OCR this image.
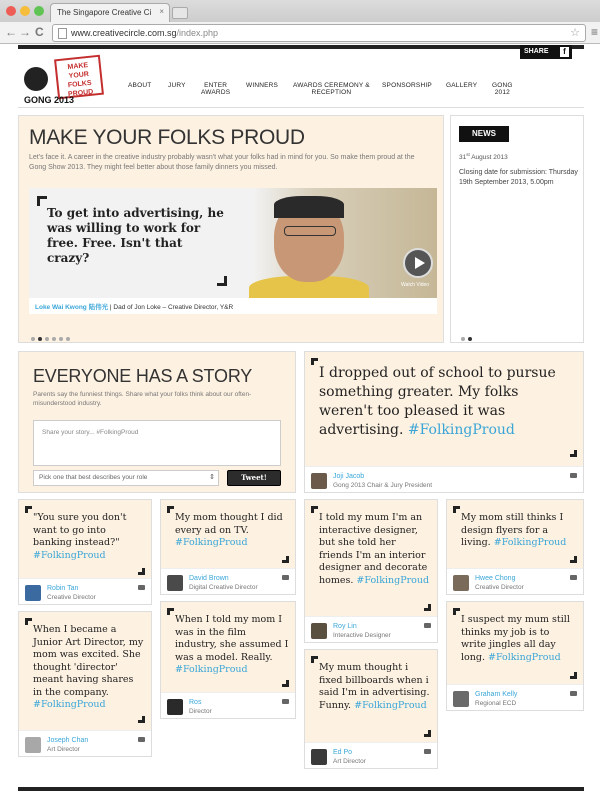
The Singapore Creative Ci ×
← → C	www.creativecircle.com.sg/index.php	☆ ≡
SHARE	f
MAKE YOUR FOLKS PROUD
GONG 2013
ABOUT	JURY	ENTER
AWARDS
WINNERS AWARDS CEREMONY &
RECEPTION
SPONSORSHIP GALLERY GONG
2012
MAKE YOUR FOLKS PROUD
Let's face it. A career in the creative industry probably wasn't what your folks had in mind for you. So make them proud at the Gong Show 2013. They might feel better about those family dinners you missed.
To get into advertising, he was willing to work for free. Free. Isn't that crazy?
Watch Video
Loke Wai Kwong 陆伟光 | Dad of Jon Loke – Creative Director, Y&R
NEWS
31st August 2013
Closing date for submission: Thursday 19th September 2013, 5.00pm
EVERYONE HAS A STORY
Parents say the funniest things. Share what your folks think about our often-misunderstood industry.
Share your story... #FolkingProud
Pick one that best describes your role	⇕	Tweet!
I dropped out of school to pursue something greater. My folks weren't too pleased it was advertising. #FolkingProud
Joji Jacob
Gong 2013 Chair & Jury President
"You sure you don't want to go into banking instead?" #FolkingProud
Robin Tan
Creative Director
When I became a Junior Art Director, my mom was excited. She thought 'director' meant having shares in the company. #FolkingProud
Joseph Chan
Art Director
My mom thought I did every ad on TV. #FolkingProud
David Brown
Digital Creative Director
When I told my mom I was in the film industry, she assumed I was a model. Really. #FolkingProud
Ros
Director
I told my mum I'm an interactive designer, but she told her friends I'm an interior designer and decorate homes. #FolkingProud
Roy Lin
Interactive Designer
My mum thought i fixed billboards when i said I'm in advertising. Funny. #FolkingProud
Ed Po
Art Director
My mom still thinks I design flyers for a living. #FolkingProud
Hwee Chong
Creative Director
I suspect my mum still thinks my job is to write jingles all day long. #FolkingProud
Graham Kelly
Regional ECD
